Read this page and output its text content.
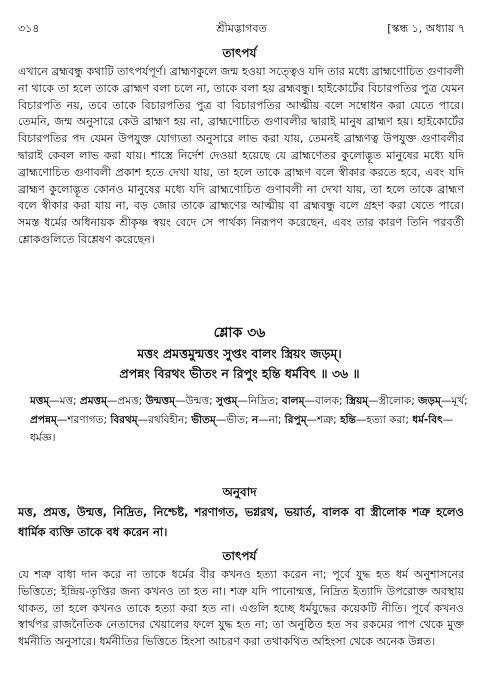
৩১৪	শ্রীমদ্ভাগবত	[স্কন্ধ ১, অধ্যায় ৭
তাৎপর্য

এখানে ব্রহ্মবন্ধু কথাটি তাৎপর্যপূর্ণ। ব্রাহ্মণকুলে জন্ম হওয়া সত্ত্বেও যদি তার মধ্যে ব্রাহ্মণোচিত গুণাবলী না থাকে তা হলে তাকে ব্রাহ্মণ বলা চলে না, তাকে বলা হয় ব্রহ্মবন্ধু। হাইকোর্টের বিচারপতির পুত্র যেমন বিচারপতি নয়, তবে তাকে বিচারপতির পুত্র বা বিচারপতির আত্মীয় বলে সম্বোধন করা যেতে পারে। তেমনি, জন্ম অনুসারে কেউ ব্রাহ্মণ হয় না, ব্রাহ্মণোচিত গুণাবলীর দ্বারাই মানুষ ব্রাহ্মণ হয়। হাইকোর্টের বিচারপতির পদ যেমন উপযুক্ত যোগ্যতা অনুসারে লাভ করা যায়, তেমনই ব্রাহ্মণত্ব উপযুক্ত গুণাবলীর দ্বারাই কেবল লাভ করা যায়। শাস্ত্রে নির্দেশ দেওয়া হয়েছে যে ব্রাহ্মণেতর কুলোদ্ভূত মানুষের মধ্যে যদি ব্রাহ্মণোচিত গুণাবলী প্রকাশ হতে দেখা যায়, তা হলে তাকে ব্রাহ্মণ বলে স্বীকার করতে হবে, এবং যদি ব্রাহ্মণ কুলোদ্ভূত কোনও মানুষের মধ্যে যদি ব্রাহ্মণোচিত গুণাবলী না দেখা যায়, তা হলে তাকে ব্রাহ্মণ বলে স্বীকার করা যায় না, বড় জোর তাকে ব্রাহ্মণের আত্মীয় বা ব্রহ্মবন্ধু বলে গ্রহণ করা যেতে পারে। সমস্ত ধর্মের অধিনায়ক শ্রীকৃষ্ণ স্বয়ং বেদে সে পার্থক্য নিরূপণ করেছেন, এবং তার কারণ তিনি পরবর্তী শ্লোকগুলিতে বিশ্লেষণ করেছেন।

শ্লোক ৩৬
মত্তং প্রমত্তমুন্মত্তং সুপ্তং বালং স্ত্রিয়ং জড়ম্।
প্রপন্নং বিরথং ভীতং ন রিপুং হন্তি ধর্মবিৎ ॥ ৩৬ ॥
মত্তম্—মত্ত; প্রমত্তম্—প্রমত্ত; উন্মত্তম্—উন্মত্ত; সুপ্তম্—নিদ্রিত; বালম্—বালক; স্ত্রিয়ম্—স্ত্রীলোক; জড়ম্—মূর্খ; প্রপন্নম্—শরণাগত; বিরথম্—রথবিহীন; ভীতম্—ভীত; ন—না; রিপুম্—শত্রু; হন্তি—হত্যা করা; ধর্ম-বিৎ—ধর্মজ্ঞ।
অনুবাদ

মত্ত, প্রমত্ত, উন্মত্ত, নিদ্রিত, নিশ্চেষ্ট, শরণাগত, ভগ্নরথ, ভয়ার্ত, বালক বা স্ত্রীলোক শত্রু হলেও ধার্মিক ব্যক্তি তাকে বধ করেন না।

তাৎপর্য

যে শত্রু বাধা দান করে না তাকে ধর্মের বীর কখনও হত্যা করেন না; পূর্বে যুদ্ধ হত ধর্ম অনুশাসনের ভিত্তিতে; ইন্দ্রিয়-তৃপ্তির জন্য কখনও তা হত না। শত্রু যদি পানোন্মত্ত, নিদ্রিত ইত্যাদি উপরোক্ত অবস্থায় থাকত, তা হলে কখনও তাকে হত্যা করা হত না। এগুলি হচ্ছে ধর্মযুদ্ধের কয়েকটি নীতি। পূর্বে কখনও স্বার্থপর রাজনৈতিক নেতাদের খেয়ালের ফলে যুদ্ধ হত না; তা অনুষ্ঠিত হত সব রকমের পাপ থেকে মুক্ত ধর্মনীতি অনুসারে। ধর্মনীতির ভিত্তিতে হিংসা আচরণ করা তথাকথিত অহিংসা থেকে অনেক উন্নত।
